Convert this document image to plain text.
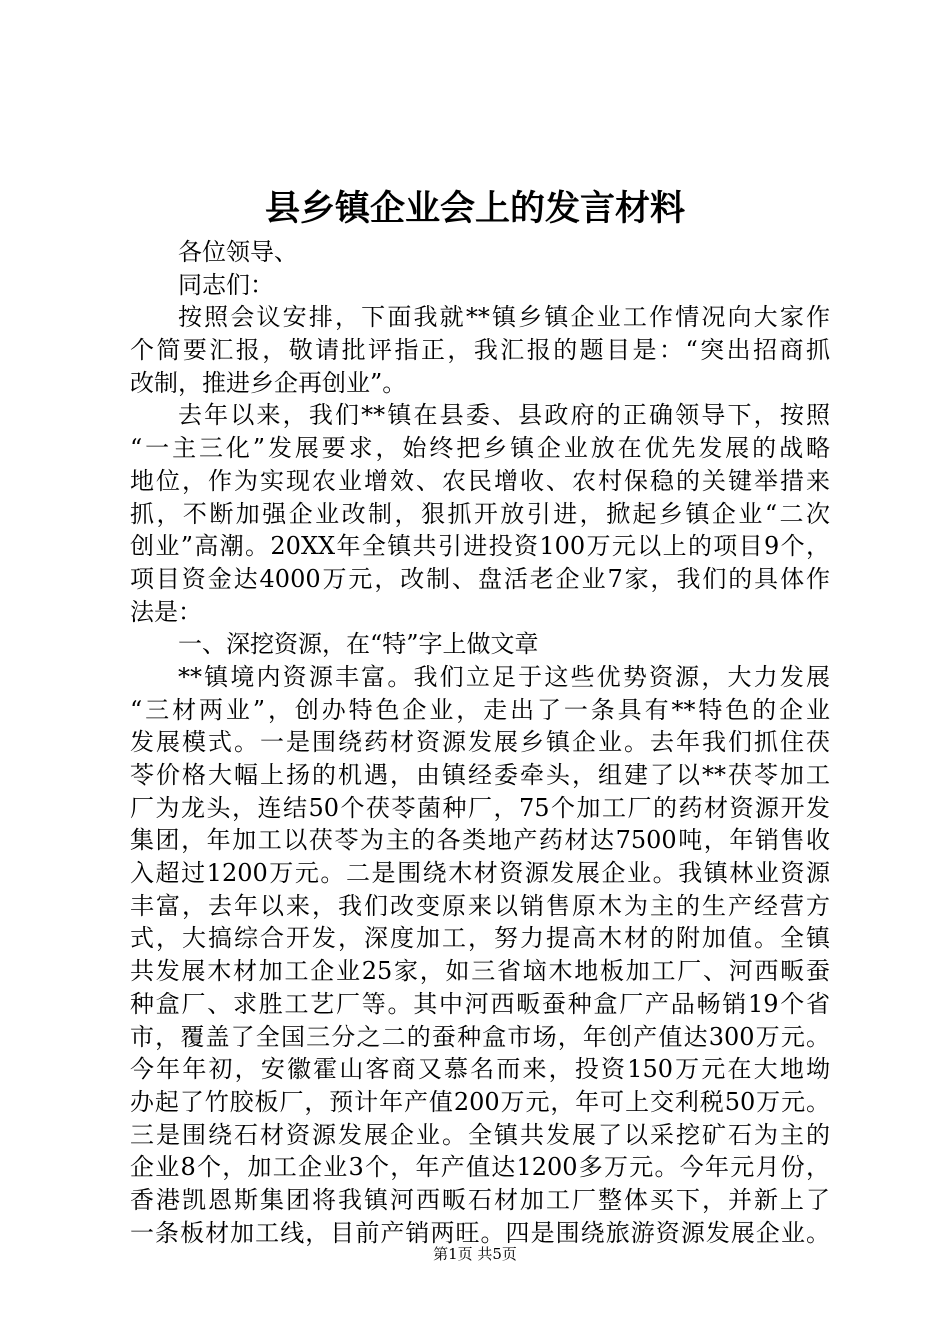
县乡镇企业会上的发言材料
各位领导、
同志们：
按照会议安排，下面我就**镇乡镇企业工作情况向大家作
个简要汇报，敬请批评指正，我汇报的题目是：“突出招商抓
改制，推进乡企再创业”。
去年以来，我们**镇在县委、县政府的正确领导下，按照
“一主三化”发展要求，始终把乡镇企业放在优先发展的战略
地位，作为实现农业增效、农民增收、农村保稳的关键举措来
抓，不断加强企业改制，狠抓开放引进，掀起乡镇企业“二次
创业”高潮。20XX年全镇共引进投资100万元以上的项目9个，
项目资金达4000万元，改制、盘活老企业7家，我们的具体作
法是：
一、深挖资源，在“特”字上做文章
**镇境内资源丰富。我们立足于这些优势资源，大力发展
“三材两业”，创办特色企业，走出了一条具有**特色的企业
发展模式。一是围绕药材资源发展乡镇企业。去年我们抓住茯
苓价格大幅上扬的机遇，由镇经委牵头，组建了以**茯苓加工
厂为龙头，连结50个茯苓菌种厂，75个加工厂的药材资源开发
集团，年加工以茯苓为主的各类地产药材达7500吨，年销售收
入超过1200万元。二是围绕木材资源发展企业。我镇林业资源
丰富，去年以来，我们改变原来以销售原木为主的生产经营方
式，大搞综合开发，深度加工，努力提高木材的附加值。全镇
共发展木材加工企业25家，如三省垴木地板加工厂、河西畈蚕
种盒厂、求胜工艺厂等。其中河西畈蚕种盒厂产品畅销19个省
市，覆盖了全国三分之二的蚕种盒市场，年创产值达300万元。
今年年初，安徽霍山客商又慕名而来，投资150万元在大地坳
办起了竹胶板厂，预计年产值200万元，年可上交利税50万元。
三是围绕石材资源发展企业。全镇共发展了以采挖矿石为主的
企业8个，加工企业3个，年产值达1200多万元。今年元月份，
香港凯恩斯集团将我镇河西畈石材加工厂整体买下，并新上了
一条板材加工线，目前产销两旺。四是围绕旅游资源发展企业。
第1页 共5页
